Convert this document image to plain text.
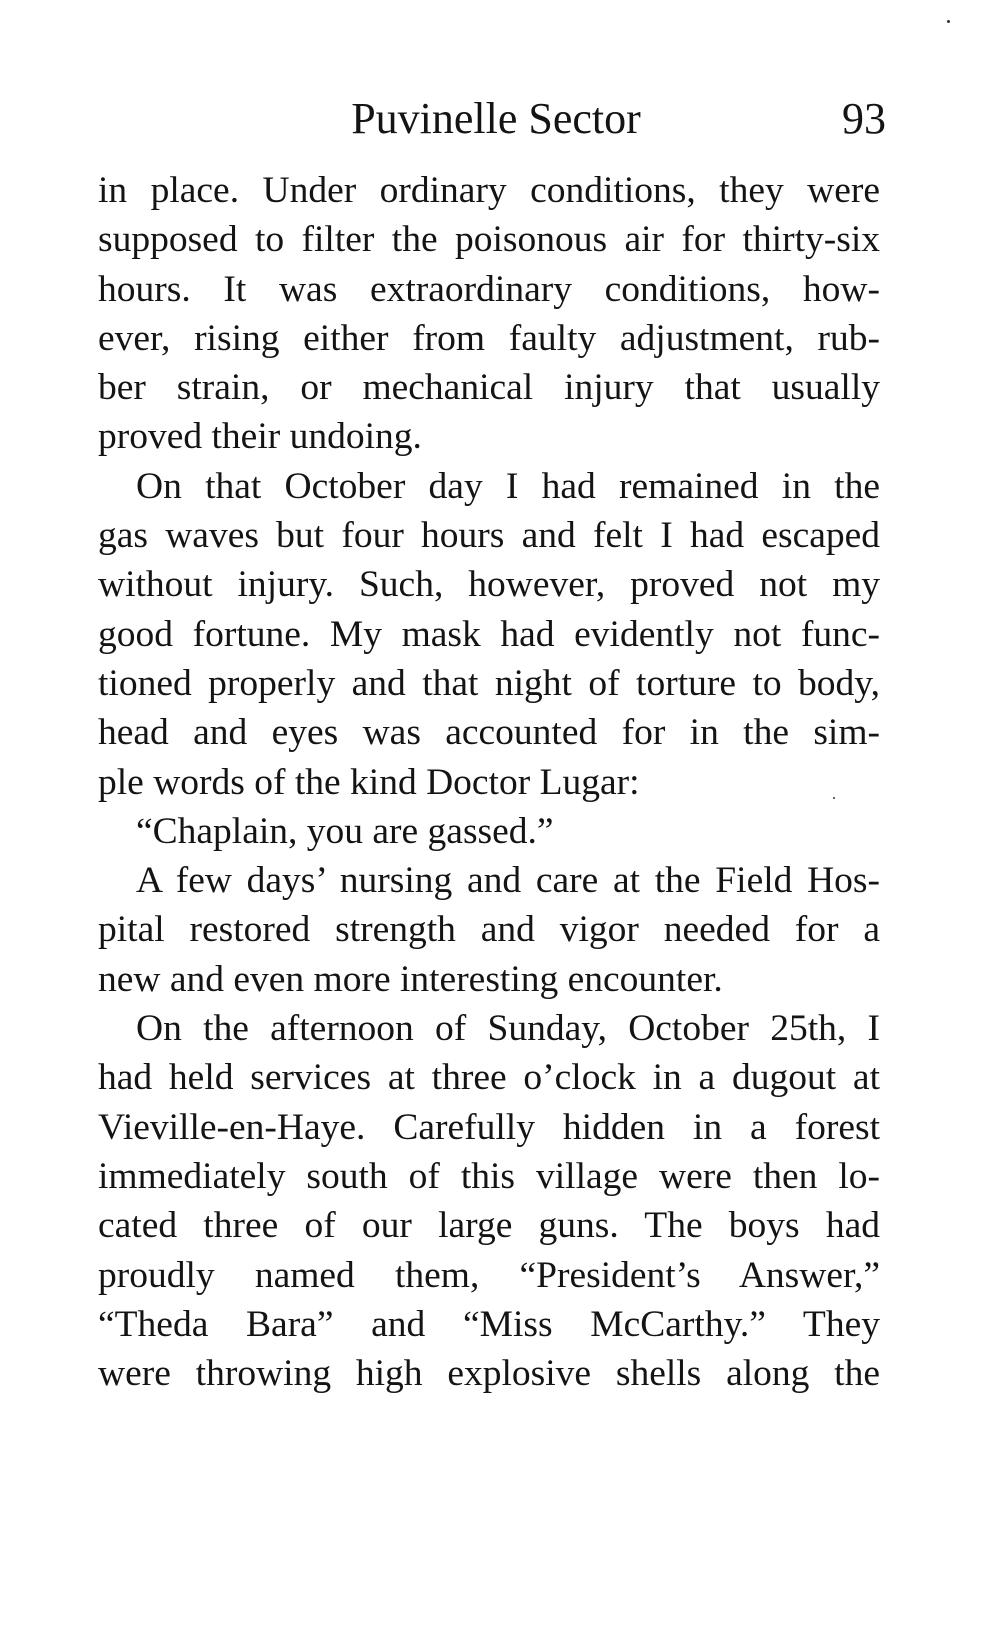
Puvinelle Sector	93
in place. Under ordinary conditions, they were
supposed to filter the poisonous air for thirty-six
hours. It was extraordinary conditions, how-
ever, rising either from faulty adjustment, rub-
ber strain, or mechanical injury that usually
proved their undoing.
On that October day I had remained in the
gas waves but four hours and felt I had escaped
without injury. Such, however, proved not my
good fortune. My mask had evidently not func-
tioned properly and that night of torture to body,
head and eyes was accounted for in the sim-
ple words of the kind Doctor Lugar:
“Chaplain, you are gassed.”
A few days’ nursing and care at the Field Hos-
pital restored strength and vigor needed for a
new and even more interesting encounter.
On the afternoon of Sunday, October 25th, I
had held services at three o’clock in a dugout at
Vieville-en-Haye. Carefully hidden in a forest
immediately south of this village were then lo-
cated three of our large guns. The boys had
proudly named them, “President’s Answer,”
“Theda Bara” and “Miss McCarthy.” They
were throwing high explosive shells along the
